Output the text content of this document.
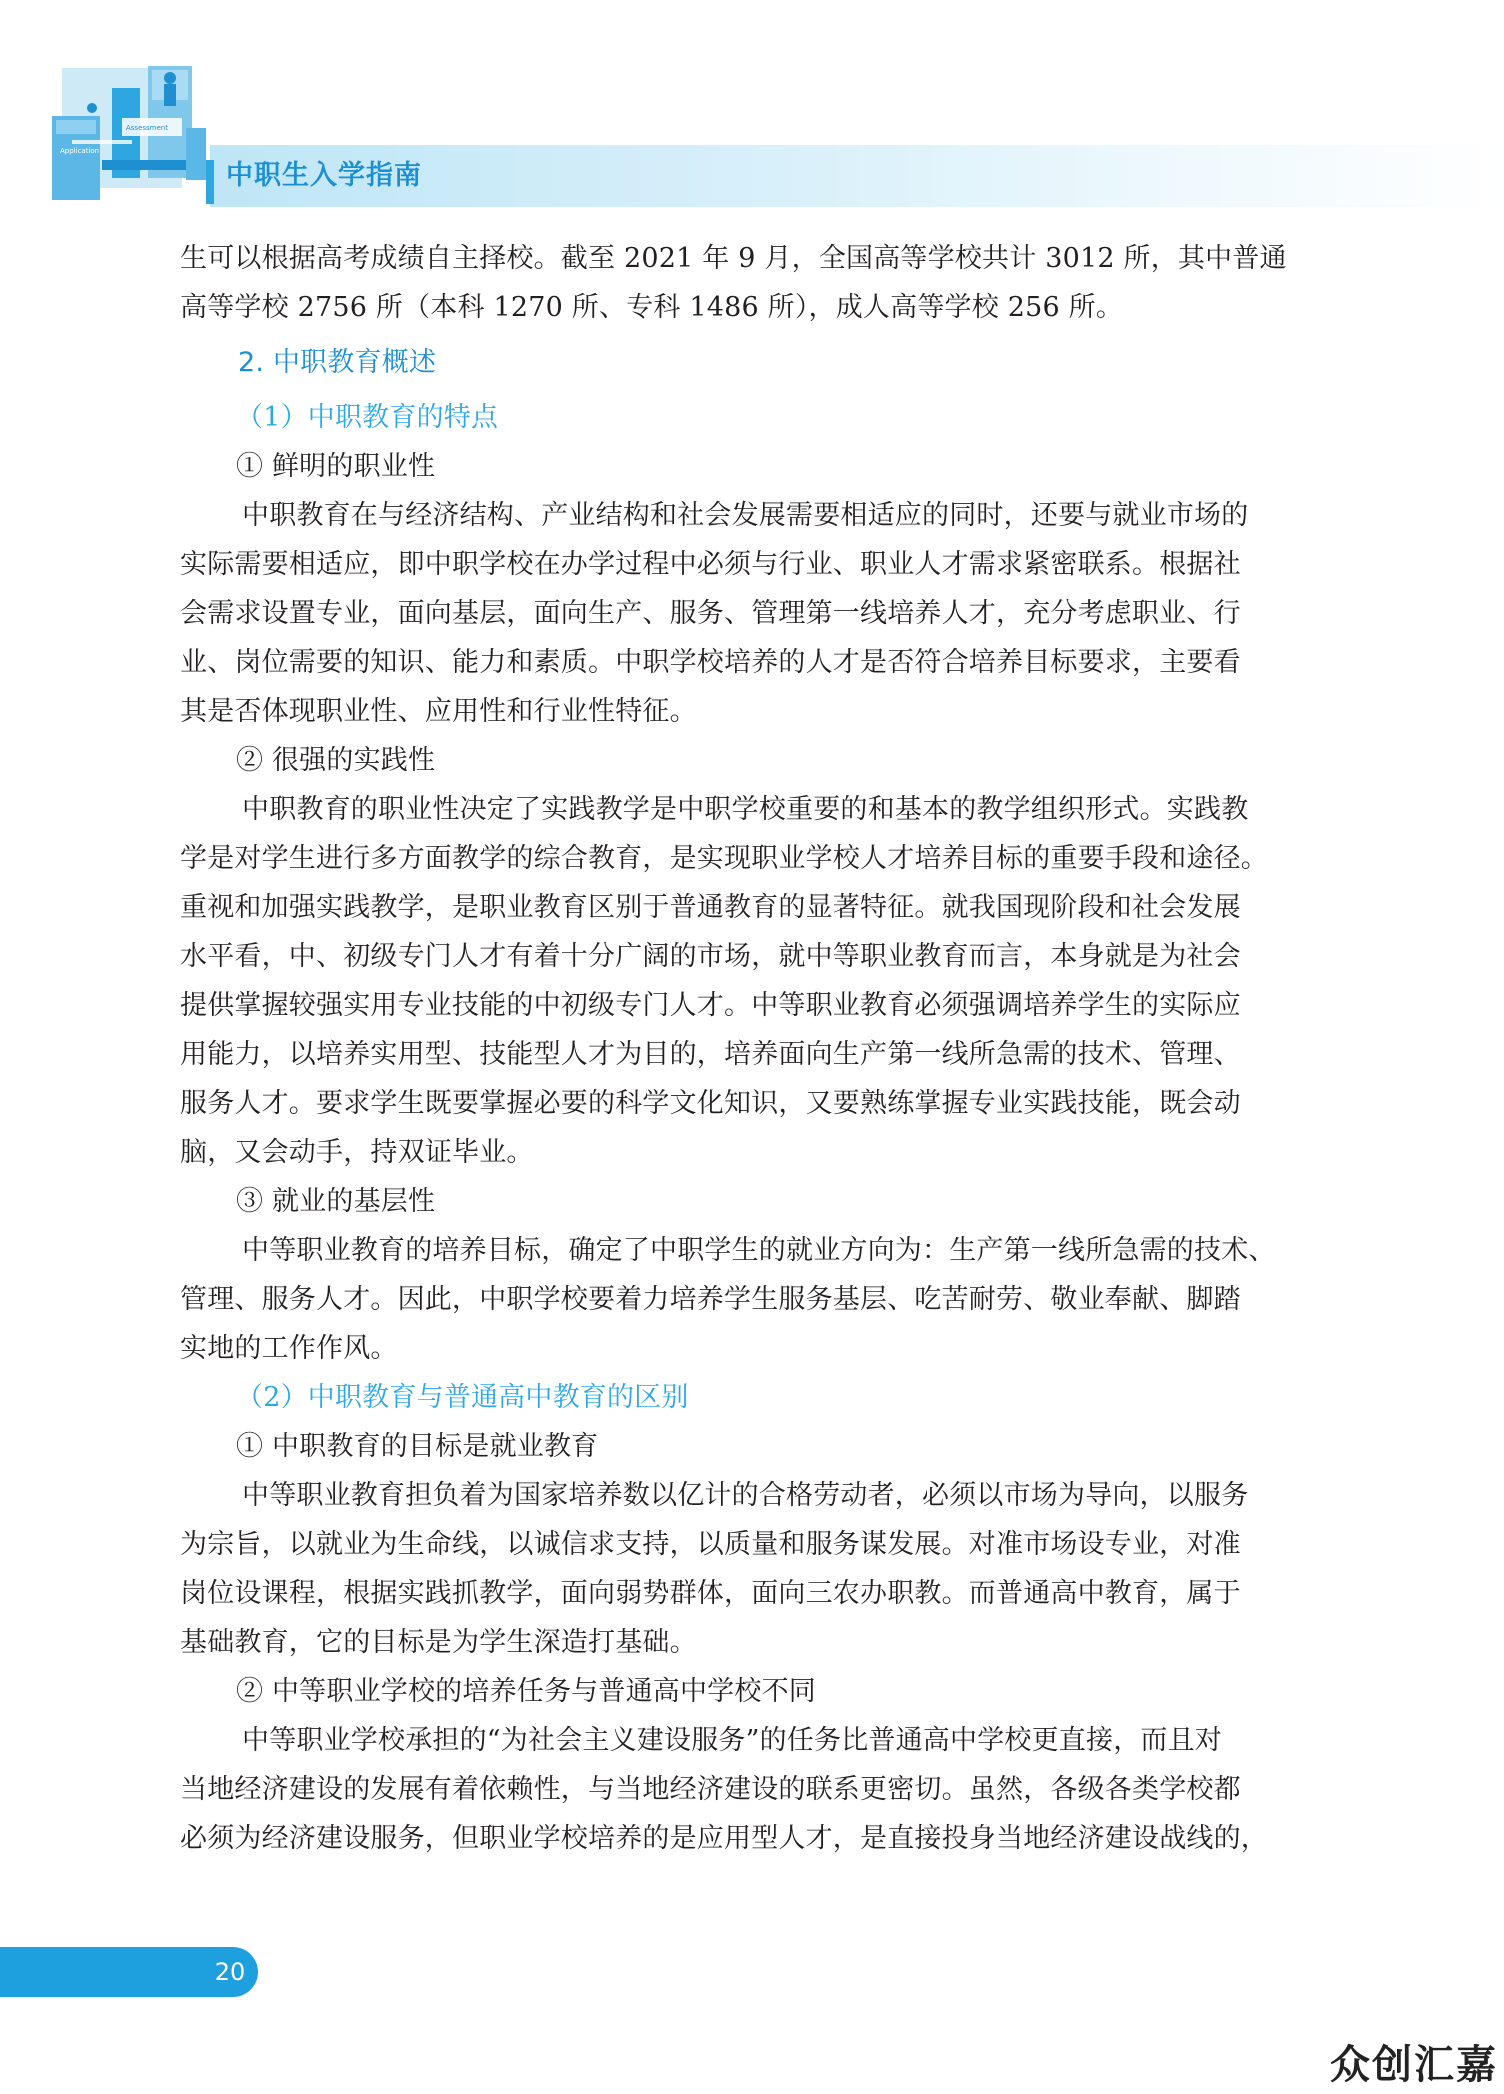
Application
Assessment
中职生入学指南
生可以根据高考成绩自主择校。截至 2021 年 9 月，全国高等学校共计 3012 所，其中普通
高等学校 2756 所（本科 1270 所、专科 1486 所），成人高等学校 256 所。
2. 中职教育概述
（1）中职教育的特点
① 鲜明的职业性
中职教育在与经济结构、产业结构和社会发展需要相适应的同时，还要与就业市场的
实际需要相适应，即中职学校在办学过程中必须与行业、职业人才需求紧密联系。根据社
会需求设置专业，面向基层，面向生产、服务、管理第一线培养人才，充分考虑职业、行
业、岗位需要的知识、能力和素质。中职学校培养的人才是否符合培养目标要求，主要看
其是否体现职业性、应用性和行业性特征。
② 很强的实践性
中职教育的职业性决定了实践教学是中职学校重要的和基本的教学组织形式。实践教
学是对学生进行多方面教学的综合教育，是实现职业学校人才培养目标的重要手段和途径。
重视和加强实践教学，是职业教育区别于普通教育的显著特征。就我国现阶段和社会发展
水平看，中、初级专门人才有着十分广阔的市场，就中等职业教育而言，本身就是为社会
提供掌握较强实用专业技能的中初级专门人才。中等职业教育必须强调培养学生的实际应
用能力，以培养实用型、技能型人才为目的，培养面向生产第一线所急需的技术、管理、
服务人才。要求学生既要掌握必要的科学文化知识，又要熟练掌握专业实践技能，既会动
脑，又会动手，持双证毕业。
③ 就业的基层性
中等职业教育的培养目标，确定了中职学生的就业方向为：生产第一线所急需的技术、
管理、服务人才。因此，中职学校要着力培养学生服务基层、吃苦耐劳、敬业奉献、脚踏
实地的工作作风。
（2）中职教育与普通高中教育的区别
① 中职教育的目标是就业教育
中等职业教育担负着为国家培养数以亿计的合格劳动者，必须以市场为导向，以服务
为宗旨，以就业为生命线，以诚信求支持，以质量和服务谋发展。对准市场设专业，对准
岗位设课程，根据实践抓教学，面向弱势群体，面向三农办职教。而普通高中教育，属于
基础教育，它的目标是为学生深造打基础。
② 中等职业学校的培养任务与普通高中学校不同
中等职业学校承担的“为社会主义建设服务”的任务比普通高中学校更直接，而且对
当地经济建设的发展有着依赖性，与当地经济建设的联系更密切。虽然，各级各类学校都
必须为经济建设服务，但职业学校培养的是应用型人才，是直接投身当地经济建设战线的，
20
众创汇嘉
